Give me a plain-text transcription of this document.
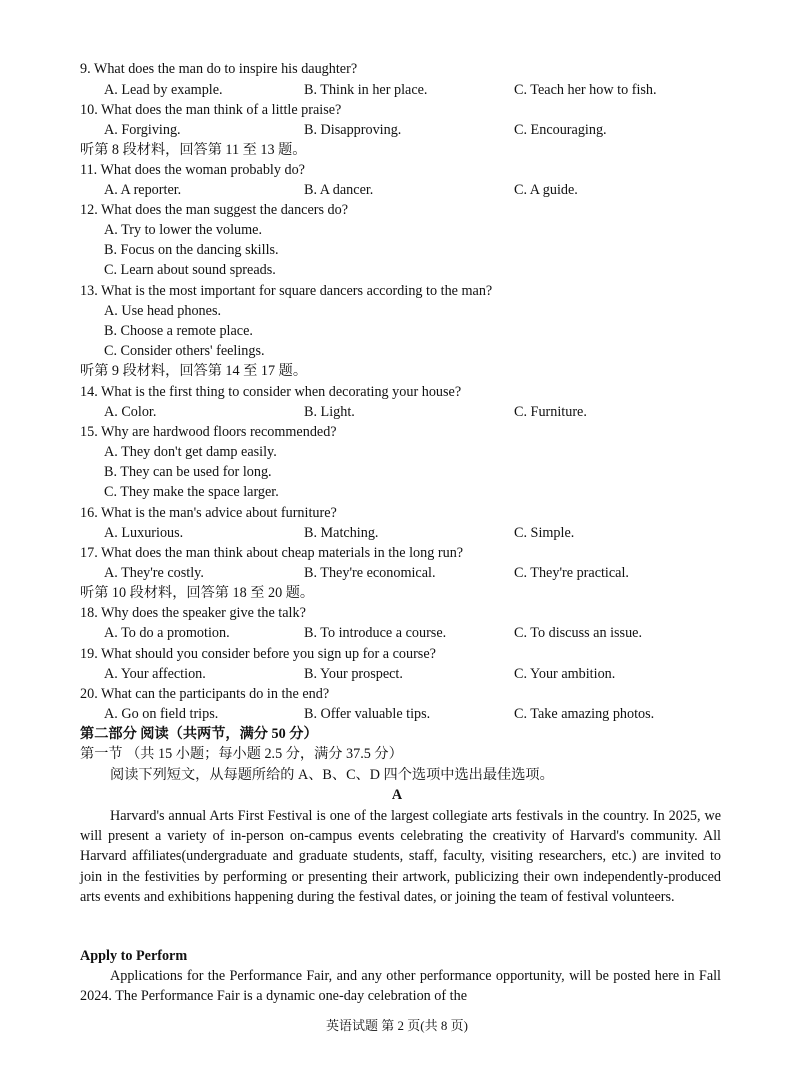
9. What does the man do to inspire his daughter?
A. Lead by example.	B. Think in her place.	C. Teach her how to fish.
10. What does the man think of a little praise?
A. Forgiving.	B. Disapproving.	C. Encouraging.
听第 8 段材料，回答第 11 至 13 题。
11. What does the woman probably do?
A. A reporter.	B. A dancer.	C. A guide.
12. What does the man suggest the dancers do?
A. Try to lower the volume.
B. Focus on the dancing skills.
C. Learn about sound spreads.
13. What is the most important for square dancers according to the man?
A. Use head phones.
B. Choose a remote place.
C. Consider others' feelings.
听第 9 段材料，回答第 14 至 17 题。
14. What is the first thing to consider when decorating your house?
A. Color.	B. Light.	C. Furniture.
15. Why are hardwood floors recommended?
A. They don't get damp easily.
B. They can be used for long.
C. They make the space larger.
16. What is the man's advice about furniture?
A. Luxurious.	B. Matching.	C. Simple.
17. What does the man think about cheap materials in the long run?
A. They're costly.	B. They're economical.	C. They're practical.
听第 10 段材料，回答第 18 至 20 题。
18. Why does the speaker give the talk?
A. To do a promotion.	B. To introduce a course.	C. To discuss an issue.
19. What should you consider before you sign up for a course?
A. Your affection.	B. Your prospect.	C. Your ambition.
20. What can the participants do in the end?
A. Go on field trips.	B. Offer valuable tips.	C. Take amazing photos.
第二部分 阅读（共两节，满分 50 分）
第一节 （共 15 小题；每小题 2.5 分，满分 37.5 分）
阅读下列短文，从每题所给的 A、B、C、D 四个选项中选出最佳选项。
A
Harvard's annual Arts First Festival is one of the largest collegiate arts festivals in the country. In 2025, we will present a variety of in-person on-campus events celebrating the creativity of Harvard's community. All Harvard affiliates(undergraduate and graduate students, staff, faculty, visiting researchers, etc.) are invited to join in the festivities by performing or presenting their artwork, publicizing their own independently-produced arts events and exhibitions happening during the festival dates, or joining the team of festival volunteers.
Apply to Perform
Applications for the Performance Fair, and any other performance opportunity, will be posted here in Fall 2024. The Performance Fair is a dynamic one-day celebration of the
英语试题 第 2 页(共 8 页)
